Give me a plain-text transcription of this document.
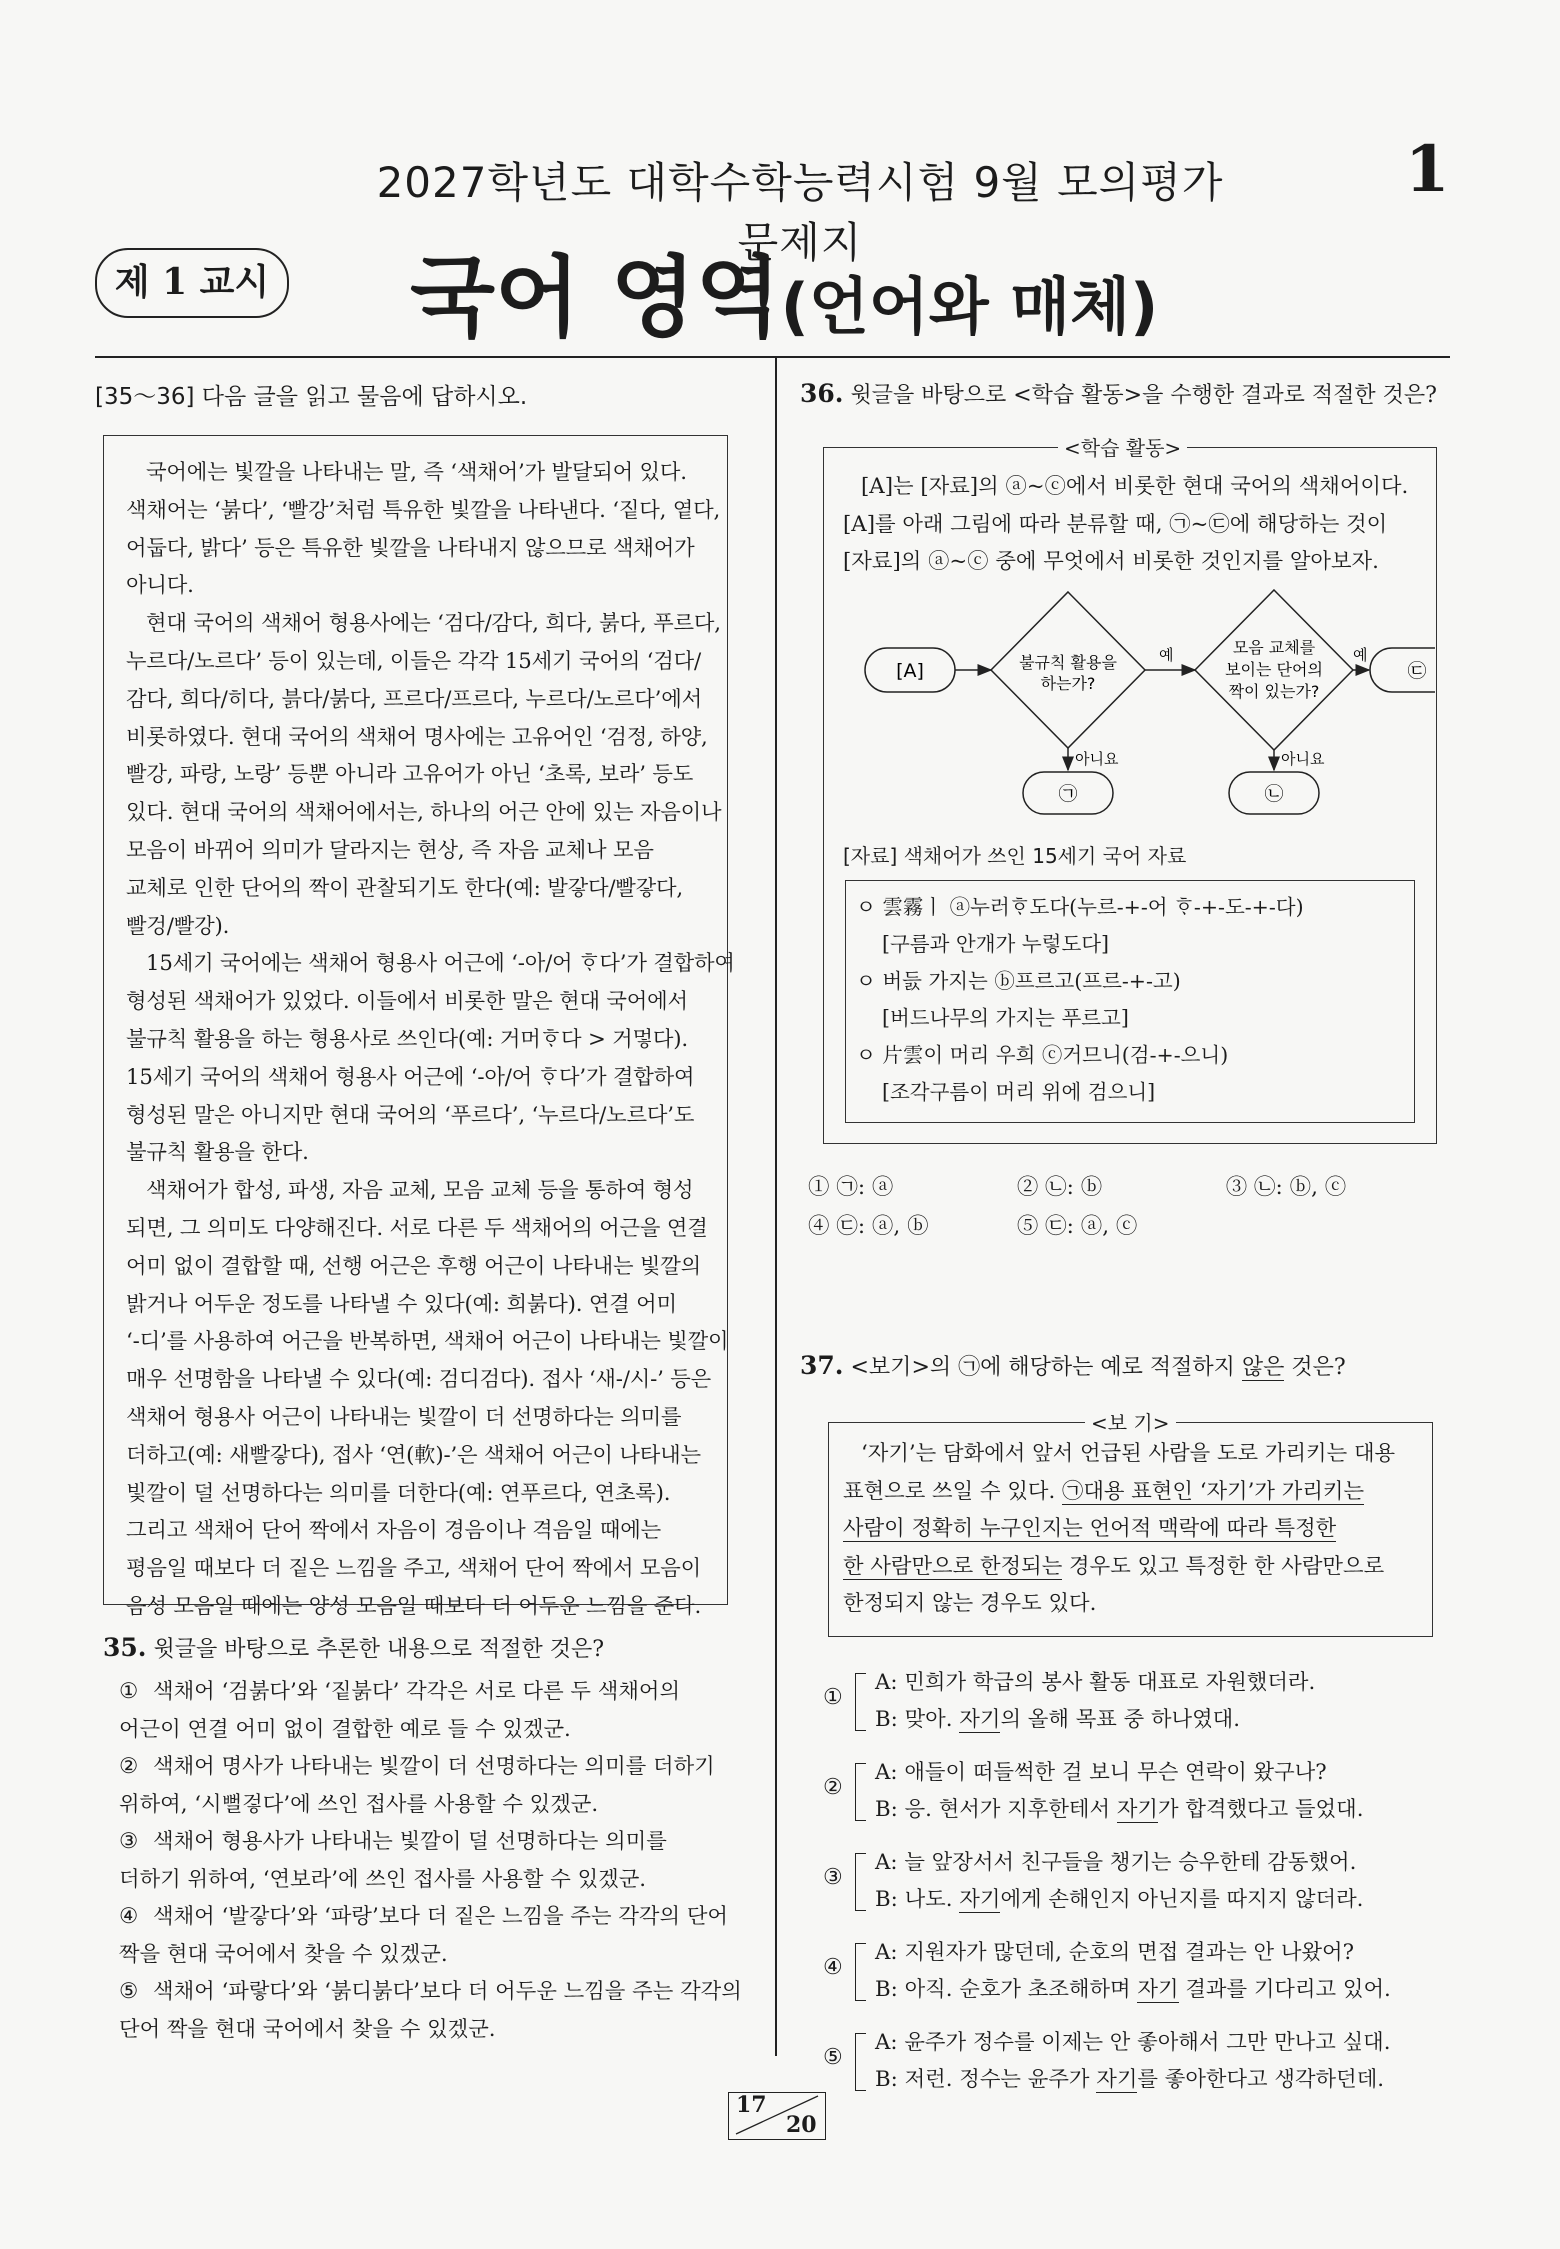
2027학년도 대학수학능력시험 9월 모의평가 문제지
1
제 1 교시 국어 영역(언어와 매체)
[35～36] 다음 글을 읽고 물음에 답하시오.
국어에는 빛깔을 나타내는 말, 즉 ‘색채어’가 발달되어 있다.
색채어는 ‘붉다’, ‘빨강’처럼 특유한 빛깔을 나타낸다. ‘짙다, 옅다,
어둡다, 밝다’ 등은 특유한 빛깔을 나타내지 않으므로 색채어가
아니다.
현대 국어의 색채어 형용사에는 ‘검다/감다, 희다, 붉다, 푸르다,
누르다/노르다’ 등이 있는데, 이들은 각각 15세기 국어의 ‘검다/
감다, 희다/히다, 븕다/붉다, 프르다/프르다, 누르다/노르다’에서
비롯하였다. 현대 국어의 색채어 명사에는 고유어인 ‘검정, 하양,
빨강, 파랑, 노랑’ 등뿐 아니라 고유어가 아닌 ‘초록, 보라’ 등도
있다. 현대 국어의 색채어에서는, 하나의 어근 안에 있는 자음이나
모음이 바뀌어 의미가 달라지는 현상, 즉 자음 교체나 모음
교체로 인한 단어의 짝이 관찰되기도 한다(예: 발갛다/빨갛다,
빨겅/빨강).
15세기 국어에는 색채어 형용사 어근에 ‘-아/어 ᄒᆞ다’가 결합하여
형성된 색채어가 있었다. 이들에서 비롯한 말은 현대 국어에서
불규칙 활용을 하는 형용사로 쓰인다(예: 거머ᄒᆞ다 > 거멓다).
15세기 국어의 색채어 형용사 어근에 ‘-아/어 ᄒᆞ다’가 결합하여
형성된 말은 아니지만 현대 국어의 ‘푸르다’, ‘누르다/노르다’도
불규칙 활용을 한다.
색채어가 합성, 파생, 자음 교체, 모음 교체 등을 통하여 형성
되면, 그 의미도 다양해진다. 서로 다른 두 색채어의 어근을 연결
어미 없이 결합할 때, 선행 어근은 후행 어근이 나타내는 빛깔의
밝거나 어두운 정도를 나타낼 수 있다(예: 희붉다). 연결 어미
‘-디’를 사용하여 어근을 반복하면, 색채어 어근이 나타내는 빛깔이
매우 선명함을 나타낼 수 있다(예: 검디검다). 접사 ‘새-/시-’ 등은
색채어 형용사 어근이 나타내는 빛깔이 더 선명하다는 의미를
더하고(예: 새빨갛다), 접사 ‘연(軟)-’은 색채어 어근이 나타내는
빛깔이 덜 선명하다는 의미를 더한다(예: 연푸르다, 연초록).
그리고 색채어 단어 짝에서 자음이 경음이나 격음일 때에는
평음일 때보다 더 짙은 느낌을 주고, 색채어 단어 짝에서 모음이
음성 모음일 때에는 양성 모음일 때보다 더 어두운 느낌을 준다.
35. 윗글을 바탕으로 추론한 내용으로 적절한 것은?
① 색채어 ‘검붉다’와 ‘짙붉다’ 각각은 서로 다른 두 색채어의
어근이 연결 어미 없이 결합한 예로 들 수 있겠군.
② 색채어 명사가 나타내는 빛깔이 더 선명하다는 의미를 더하기
위하여, ‘시뻘겋다’에 쓰인 접사를 사용할 수 있겠군.
③ 색채어 형용사가 나타내는 빛깔이 덜 선명하다는 의미를
더하기 위하여, ‘연보라’에 쓰인 접사를 사용할 수 있겠군.
④ 색채어 ‘발갛다’와 ‘파랑’보다 더 짙은 느낌을 주는 각각의 단어
짝을 현대 국어에서 찾을 수 있겠군.
⑤ 색채어 ‘파랗다’와 ‘붉디붉다’보다 더 어두운 느낌을 주는 각각의
단어 짝을 현대 국어에서 찾을 수 있겠군.
36. 윗글을 바탕으로 <학습 활동>을 수행한 결과로 적절한 것은?
<학습 활동>
[A]는 [자료]의 ⓐ~ⓒ에서 비롯한 현대 국어의 색채어이다.
[A]를 아래 그림에 따라 분류할 때, ㉠~㉢에 해당하는 것이
[자료]의 ⓐ~ⓒ 중에 무엇에서 비롯한 것인지를 알아보자.
[A]	불규칙 활용을
하는가?
예	모음 교체를
보이는 단어의
짝이 있는가?
예
㉢
아니요
㉠
아니요
㉡
[자료] 색채어가 쓰인 15세기 국어 자료
ㅇ 雲霧ㅣ ⓐ누러ᄒᆞ도다(누르-+-어 ᄒᆞ-+-도-+-다)
[구름과 안개가 누렇도다]
ㅇ 버듨 가지는 ⓑ프르고(프르-+-고)
[버드나무의 가지는 푸르고]
ㅇ 片雲이 머리 우희 ⓒ거므니(검-+-으니)
[조각구름이 머리 위에 검으니]
① ㉠: ⓐ	② ㉡: ⓑ	③ ㉡: ⓑ, ⓒ
④ ㉢: ⓐ, ⓑ	⑤ ㉢: ⓐ, ⓒ
37. <보기>의 ㉠에 해당하는 예로 적절하지 않은 것은?
‘자기’는 담화에서 앞서 언급된 사람을 도로 가리키는 대용
표현으로 쓰일 수 있다. ㉠대용 표현인 ‘자기’가 가리키는
사람이 정확히 누구인지는 언어적 맥락에 따라 특정한
한 사람만으로 한정되는 경우도 있고 특정한 한 사람만으로
한정되지 않는 경우도 있다.
<보 기>
①
A: 민희가 학급의 봉사 활동 대표로 자원했더라.
B: 맞아. 자기의 올해 목표 중 하나였대.
②
A: 애들이 떠들썩한 걸 보니 무슨 연락이 왔구나?
B: 응. 현서가 지후한테서 자기가 합격했다고 들었대.
③
A: 늘 앞장서서 친구들을 챙기는 승우한테 감동했어.
B: 나도. 자기에게 손해인지 아닌지를 따지지 않더라.
④
A: 지원자가 많던데, 순호의 면접 결과는 안 나왔어?
B: 아직. 순호가 초조해하며 자기 결과를 기다리고 있어.
⑤
A: 윤주가 정수를 이제는 안 좋아해서 그만 만나고 싶대.
B: 저런. 정수는 윤주가 자기를 좋아한다고 생각하던데.
17
20
